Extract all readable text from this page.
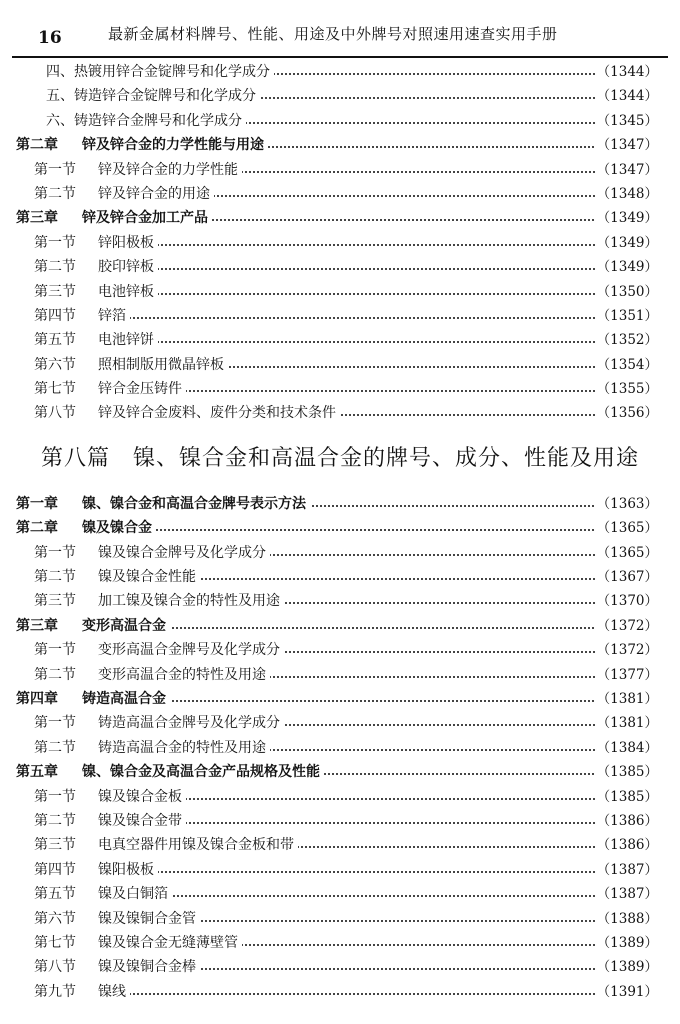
16	最新金属材料牌号、性能、用途及中外牌号对照速用速查实用手册
四、热镀用锌合金锭牌号和化学成分	（1344）
五、铸造锌合金锭牌号和化学成分	（1344）
六、铸造锌合金牌号和化学成分	（1345）
第二章 锌及锌合金的力学性能与用途	（1347）
第一节 锌及锌合金的力学性能	（1347）
第二节 锌及锌合金的用途	（1348）
第三章 锌及锌合金加工产品	（1349）
第一节 锌阳极板	（1349）
第二节 胶印锌板	（1349）
第三节 电池锌板	（1350）
第四节 锌箔	（1351）
第五节 电池锌饼	（1352）
第六节 照相制版用微晶锌板	（1354）
第七节 锌合金压铸件	（1355）
第八节 锌及锌合金废料、废件分类和技术条件	（1356）
第八篇　镍、镍合金和高温合金的牌号、成分、性能及用途
第一章 镍、镍合金和高温合金牌号表示方法	（1363）
第二章 镍及镍合金	（1365）
第一节 镍及镍合金牌号及化学成分	（1365）
第二节 镍及镍合金性能	（1367）
第三节 加工镍及镍合金的特性及用途	（1370）
第三章 变形高温合金	（1372）
第一节 变形高温合金牌号及化学成分	（1372）
第二节 变形高温合金的特性及用途	（1377）
第四章 铸造高温合金	（1381）
第一节 铸造高温合金牌号及化学成分	（1381）
第二节 铸造高温合金的特性及用途	（1384）
第五章 镍、镍合金及高温合金产品规格及性能	（1385）
第一节 镍及镍合金板	（1385）
第二节 镍及镍合金带	（1386）
第三节 电真空器件用镍及镍合金板和带	（1386）
第四节 镍阳极板	（1387）
第五节 镍及白铜箔	（1387）
第六节 镍及镍铜合金管	（1388）
第七节 镍及镍合金无缝薄壁管	（1389）
第八节 镍及镍铜合金棒	（1389）
第九节 镍线	（1391）
